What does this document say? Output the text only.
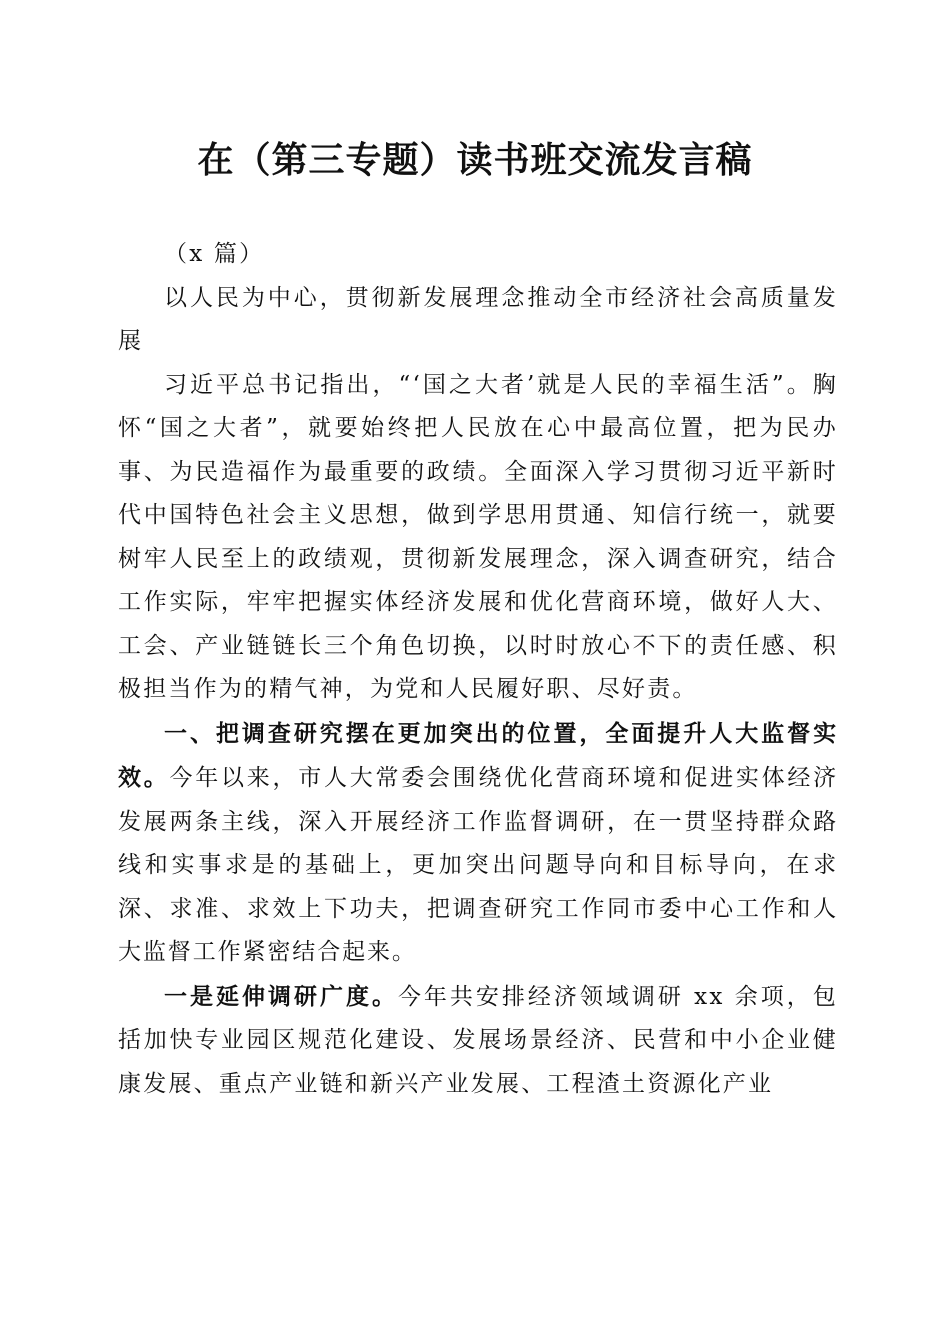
在（第三专题）读书班交流发言稿

（x 篇）

以人民为中心，贯彻新发展理念推动全市经济社会高质量发展

习近平总书记指出，“‘国之大者’就是人民的幸福生活”。胸怀“国之大者”，就要始终把人民放在心中最高位置，把为民办事、为民造福作为最重要的政绩。全面深入学习贯彻习近平新时代中国特色社会主义思想，做到学思用贯通、知信行统一，就要树牢人民至上的政绩观，贯彻新发展理念，深入调查研究，结合工作实际，牢牢把握实体经济发展和优化营商环境，做好人大、工会、产业链链长三个角色切换，以时时放心不下的责任感、积极担当作为的精气神，为党和人民履好职、尽好责。

一、把调查研究摆在更加突出的位置，全面提升人大监督实效。今年以来，市人大常委会围绕优化营商环境和促进实体经济发展两条主线，深入开展经济工作监督调研，在一贯坚持群众路线和实事求是的基础上，更加突出问题导向和目标导向，在求深、求准、求效上下功夫，把调查研究工作同市委中心工作和人大监督工作紧密结合起来。

一是延伸调研广度。今年共安排经济领域调研 xx 余项，包括加快专业园区规范化建设、发展场景经济、民营和中小企业健康发展、重点产业链和新兴产业发展、工程渣土资源化产业
